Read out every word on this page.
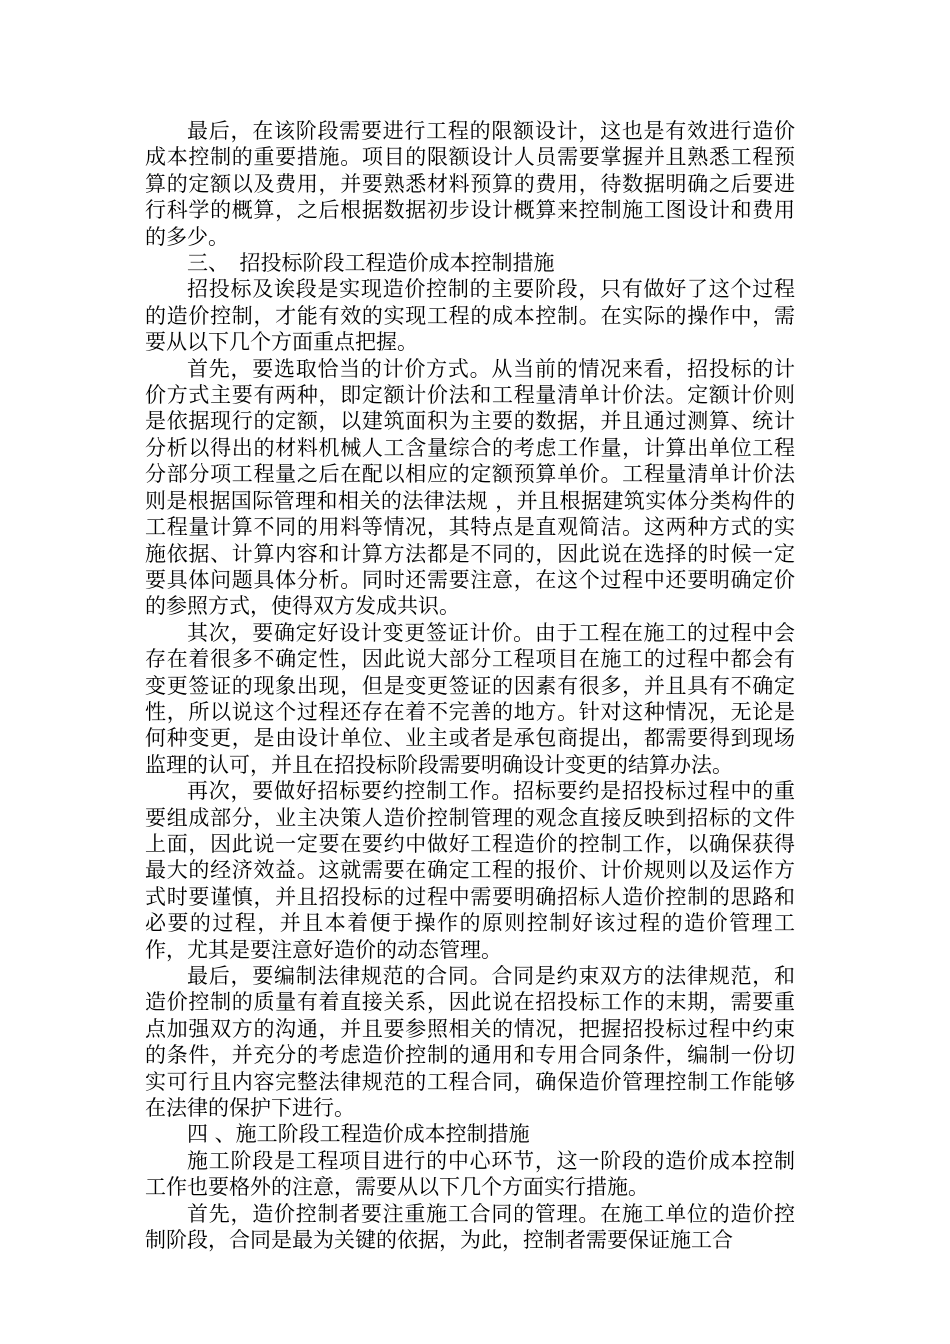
最后，在该阶段需要进行工程的限额设计，这也是有效进行造价成本控制的重要措施。项目的限额设计人员需要掌握并且熟悉工程预算的定额以及费用，并要熟悉材料预算的费用，待数据明确之后要进行科学的概算，之后根据数据初步设计概算来控制施工图设计和费用的多少。

三、　招投标阶段工程造价成本控制措施

招投标及诶段是实现造价控制的主要阶段，只有做好了这个过程的造价控制，才能有效的实现工程的成本控制。在实际的操作中，需要从以下几个方面重点把握。

首先，要选取恰当的计价方式。从当前的情况来看，招投标的计价方式主要有两种，即定额计价法和工程量清单计价法。定额计价则是依据现行的定额，以建筑面积为主要的数据，并且通过测算、统计分析以得出的材料机械人工含量综合的考虑工作量，计算出单位工程分部分项工程量之后在配以相应的定额预算单价。工程量清单计价法则是根据国际管理和相关的法律法规 ，并且根据建筑实体分类构件的工程量计算不同的用料等情况，其特点是直观简洁。这两种方式的实施依据、计算内容和计算方法都是不同的，因此说在选择的时候一定要具体问题具体分析。同时还需要注意，在这个过程中还要明确定价的参照方式，使得双方发成共识。

其次，要确定好设计变更签证计价。由于工程在施工的过程中会存在着很多不确定性，因此说大部分工程项目在施工的过程中都会有变更签证的现象出现，但是变更签证的因素有很多，并且具有不确定性，所以说这个过程还存在着不完善的地方。针对这种情况，无论是何种变更，是由设计单位、业主或者是承包商提出，都需要得到现场监理的认可，并且在招投标阶段需要明确设计变更的结算办法。

再次，要做好招标要约控制工作。招标要约是招投标过程中的重要组成部分，业主决策人造价控制管理的观念直接反映到招标的文件上面，因此说一定要在要约中做好工程造价的控制工作，以确保获得最大的经济效益。这就需要在确定工程的报价、计价规则以及运作方式时要谨慎，并且招投标的过程中需要明确招标人造价控制的思路和必要的过程，并且本着便于操作的原则控制好该过程的造价管理工作，尤其是要注意好造价的动态管理。

最后，要编制法律规范的合同。合同是约束双方的法律规范，和造价控制的质量有着直接关系，因此说在招投标工作的末期，需要重点加强双方的沟通，并且要参照相关的情况，把握招投标过程中约束的条件，并充分的考虑造价控制的通用和专用合同条件，编制一份切实可行且内容完整法律规范的工程合同，确保造价管理控制工作能够在法律的保护下进行。

四 、施工阶段工程造价成本控制措施

施工阶段是工程项目进行的中心环节，这一阶段的造价成本控制工作也要格外的注意，需要从以下几个方面实行措施。

首先，造价控制者要注重施工合同的管理。在施工单位的造价控制阶段，合同是最为关键的依据，为此，控制者需要保证施工合
